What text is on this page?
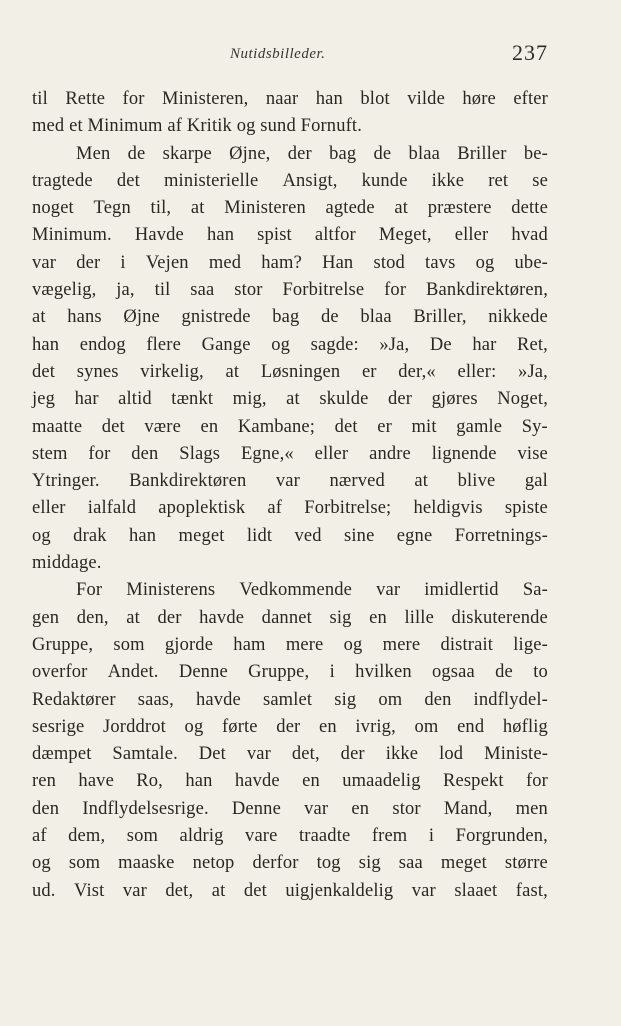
Nutidsbilleder.	237
til Rette for Ministeren, naar han blot vilde høre efter
med
et
Minimum
af
Kritik
og
sund
Fornuft.

Men de skarpe Øjne, der bag de blaa Briller be-
tragtede det ministerielle Ansigt, kunde ikke ret se
noget Tegn til, at Ministeren agtede at præstere dette
Minimum. Havde han spist altfor Meget, eller hvad
var der i Vejen med ham? Han stod tavs og ube-
vægelig, ja, til saa stor Forbitrelse for Bankdirektøren,
at hans Øjne gnistrede bag de blaa Briller, nikkede
han endog flere Gange og sagde: »Ja, De har Ret,
det synes virkelig, at Løsningen er der,« eller: »Ja,
jeg har altid tænkt mig, at skulde der gjøres Noget,
maatte det være en Kambane; det er mit gamle Sy-
stem for den Slags Egne,« eller andre lignende vise
Ytringer. Bankdirektøren var nærved at blive gal
eller ialfald apoplektisk af Forbitrelse; heldigvis spiste
og drak han meget lidt ved sine egne Forretnings-
middage.

For Ministerens Vedkommende var imidlertid Sa-
gen den, at der havde dannet sig en lille diskuterende
Gruppe, som gjorde ham mere og mere distrait lige-
overfor Andet. Denne Gruppe, i hvilken ogsaa de to
Redaktører saas, havde samlet sig om den indflydel-
sesrige Jorddrot og førte der en ivrig, om end høflig
dæmpet Samtale. Det var det, der ikke lod Ministe-
ren have Ro, han havde en umaadelig Respekt for
den Indflydelsesrige. Denne var en stor Mand, men
af dem, som aldrig vare traadte frem i Forgrunden,
og som maaske netop derfor tog sig saa meget større
ud. Vist var det, at det uigjenkaldelig var slaaet fast,
